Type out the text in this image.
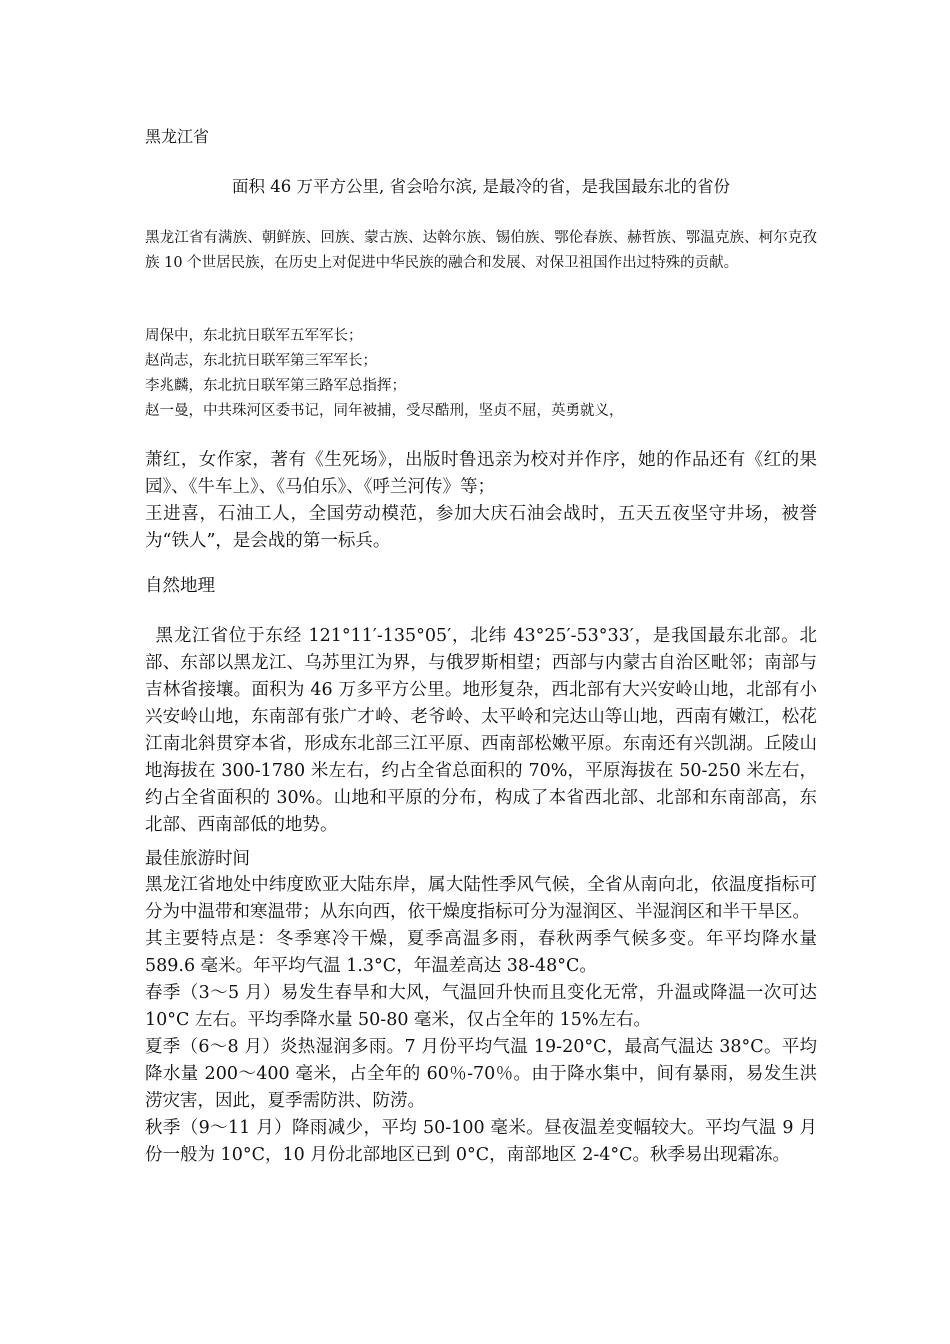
黑龙江省
面积 46 万平方公里, 省会哈尔滨, 是最冷的省，是我国最东北的省份
黑龙江省有满族、朝鲜族、回族、蒙古族、达斡尔族、锡伯族、鄂伦春族、赫哲族、鄂温克族、柯尔克孜族 10 个世居民族，在历史上对促进中华民族的融合和发展、对保卫祖国作出过特殊的贡献。
周保中，东北抗日联军五军军长；
赵尚志，东北抗日联军第三军军长；
李兆麟，东北抗日联军第三路军总指挥；
赵一曼，中共珠河区委书记，同年被捕，受尽酷刑，坚贞不屈，英勇就义，
萧红，女作家，著有《生死场》，出版时鲁迅亲为校对并作序，她的作品还有《红的果园》、《牛车上》、《马伯乐》、《呼兰河传》等；
王进喜，石油工人，全国劳动模范，参加大庆石油会战时，五天五夜坚守井场，被誉为“铁人”，是会战的第一标兵。
自然地理
黑龙江省位于东经 121°11′-135°05′，北纬 43°25′-53°33′，是我国最东北部。北部、东部以黑龙江、乌苏里江为界，与俄罗斯相望；西部与内蒙古自治区毗邻；南部与吉林省接壤。面积为 46 万多平方公里。地形复杂，西北部有大兴安岭山地，北部有小兴安岭山地，东南部有张广才岭、老爷岭、太平岭和完达山等山地，西南有嫩江，松花江南北斜贯穿本省，形成东北部三江平原、西南部松嫩平原。东南还有兴凯湖。丘陵山地海拔在 300-1780 米左右，约占全省总面积的 70%，平原海拔在 50-250 米左右，约占全省面积的 30%。山地和平原的分布，构成了本省西北部、北部和东南部高，东北部、西南部低的地势。
最佳旅游时间
黑龙江省地处中纬度欧亚大陆东岸，属大陆性季风气候，全省从南向北，依温度指标可分为中温带和寒温带；从东向西，依干燥度指标可分为湿润区、半湿润区和半干旱区。
其主要特点是：冬季寒冷干燥，夏季高温多雨，春秋两季气候多变。年平均降水量 589.6 毫米。年平均气温 1.3°C，年温差高达 38-48°C。
春季（3～5 月）易发生春旱和大风，气温回升快而且变化无常，升温或降温一次可达 10°C 左右。平均季降水量 50-80 毫米，仅占全年的 15%左右。
夏季（6～8 月）炎热湿润多雨。7 月份平均气温 19-20°C，最高气温达 38°C。平均降水量 200～400 毫米，占全年的 60％-70％。由于降水集中，间有暴雨，易发生洪涝灾害，因此，夏季需防洪、防涝。
秋季（9～11 月）降雨减少，平均 50-100 毫米。昼夜温差变幅较大。平均气温 9 月份一般为 10°C，10 月份北部地区已到 0°C，南部地区 2-4°C。秋季易出现霜冻。
